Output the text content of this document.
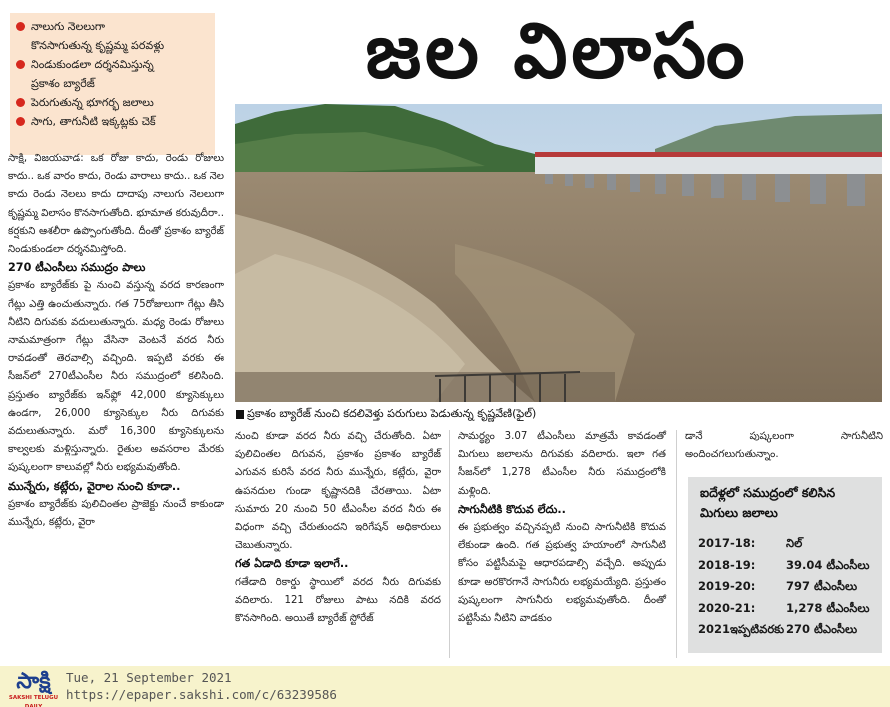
నాలుగు నెలలుగా
కొనసాగుతున్న కృష్ణమ్మ పరవళ్లు
నిండుకుండలా దర్శనమిస్తున్న
ప్రకాశం బ్యారేజ్
పెరుగుతున్న భూగర్భ జలాలు
సాగు, తాగునీటి ఇక్కట్లకు చెక్
జల విలాసం
ప్రకాశం బ్యారేజ్ నుంచి కదలివెళ్తు పరుగులు పెడుతున్న కృష్ణవేణి(ఫైల్)

సాక్షి, విజయవాడ: ఒక రోజు కాదు, రెండు రోజులు కాదు.. ఒక వారం కాదు, రెండు వారాలు కాదు.. ఒక నెల కాదు రెండు నెలలు కాదు దాదాపు నాలుగు నెలలుగా కృష్ణమ్మ విలాసం కొనసాగుతోంది. భూమాత కరువుదీరా.. కర్షకుని ఆశలీరా ఉప్పొంగుతోంది. దీంతో ప్రకాశం బ్యారేజ్ నిండుకుండలా దర్శనమిస్తోంది.

270 టీఎంసీలు సముద్రం పాలు

ప్రకాశం బ్యారేజ్‌కు పై నుంచి వస్తున్న వరద కారణంగా గేట్లు ఎత్తి ఉంచుతున్నారు. గత 75రోజులుగా గేట్లు తీసి నీటిని దిగువకు వదులుతున్నారు. మధ్య రెండు రోజులు నామమాత్రంగా గేట్లు వేసినా వెంటనే వరద నీరు రావడంతో తెరవాల్సి వచ్చింది. ఇప్పటి వరకు ఈ సీజన్‌లో 270టీఎంసీల నీరు సముద్రంలో కలిసింది. ప్రస్తుతం బ్యారేజ్‌కు ఇన్‌ఫ్లో 42,000 క్యూసెక్కులు ఉండగా, 26,000 క్యూసెక్కుల నీరు దిగువకు వదులుతున్నారు. మరో 16,300 క్యూసెక్కులను కాల్వలకు మళ్లిస్తున్నారు. రైతుల అవసరాల మేరకు పుష్కలంగా కాలువల్లో నీరు లభ్యమవుతోంది.

మున్నేరు, కట్లేరు, వైరాల నుంచి కూడా..

ప్రకాశం బ్యారేజ్‌కు పులిచింతల ప్రాజెక్టు నుంచే కాకుండా మున్నేరు, కట్లేరు, వైరా

నుంచి కూడా వరద నీరు వచ్చి చేరుతోంది. ఏటా పులిచింతల దిగువన, ప్రకాశం ప్రకాశం బ్యారేజ్ ఎగువన కురిసే వరద నీరు మున్నేరు, కట్లేరు, వైరా ఉపనదుల గుండా కృష్ణానదికి చేరతాయి. ఏటా సుమారు 20 నుంచి 50 టీఎంసీల వరద నీరు ఈ విధంగా వచ్చి చేరుతుందని ఇరిగేషన్ అధికారులు చెబుతున్నారు.

గత ఏడాది కూడా ఇలాగే..

గతేడాది రికార్డు స్థాయిలో వరద నీరు దిగువకు వదిలారు. 121 రోజులు పాటు నదికి వరద కొనసాగింది. అయితే బ్యారేజ్ స్టోరేజ్

సామర్థ్యం 3.07 టీఎంసీలు మాత్రమే కావడంతో మిగులు జలాలను దిగువకు వదిలారు. ఇలా గత సీజన్‌లో 1,278 టీఎంసీల నీరు సముద్రంలోకి మళ్లింది.

సాగునీటికి కొదువ లేదు..

ఈ ప్రభుత్వం వచ్చినప్పటి నుంచి సాగునీటికి కొదువ లేకుండా ఉంది. గత ప్రభుత్వ హయాంలో సాగునీటి కోసం పట్టిసీమపై ఆధారపడాల్సి వచ్చేది. అప్పుడు కూడా అరకొరగానే సాగునీరు లభ్యమయ్యేది. ప్రస్తుతం పుష్కలంగా సాగునీరు లభ్యమవుతోంది. దీంతో పట్టిసీమ నీటిని వాడకుం

డానే పుష్కలంగా సాగునీటిని అందించగలుగుతున్నాం.

ఐదేళ్లలో సముద్రంలో కలిసిన మిగులు జలాలు
2017-18:	నిల్
2018-19:	39.04 టీఎంసీలు
2019-20:	797 టీఎంసీలు
2020-21:	1,278 టీఎంసీలు
2021ఇప్పటివరకు 270 టీఎంసీలు
సాక్షి
SAKSHI TELUGU DAILY
Tue, 21 September 2021
https://epaper.sakshi.com/c/63239586
